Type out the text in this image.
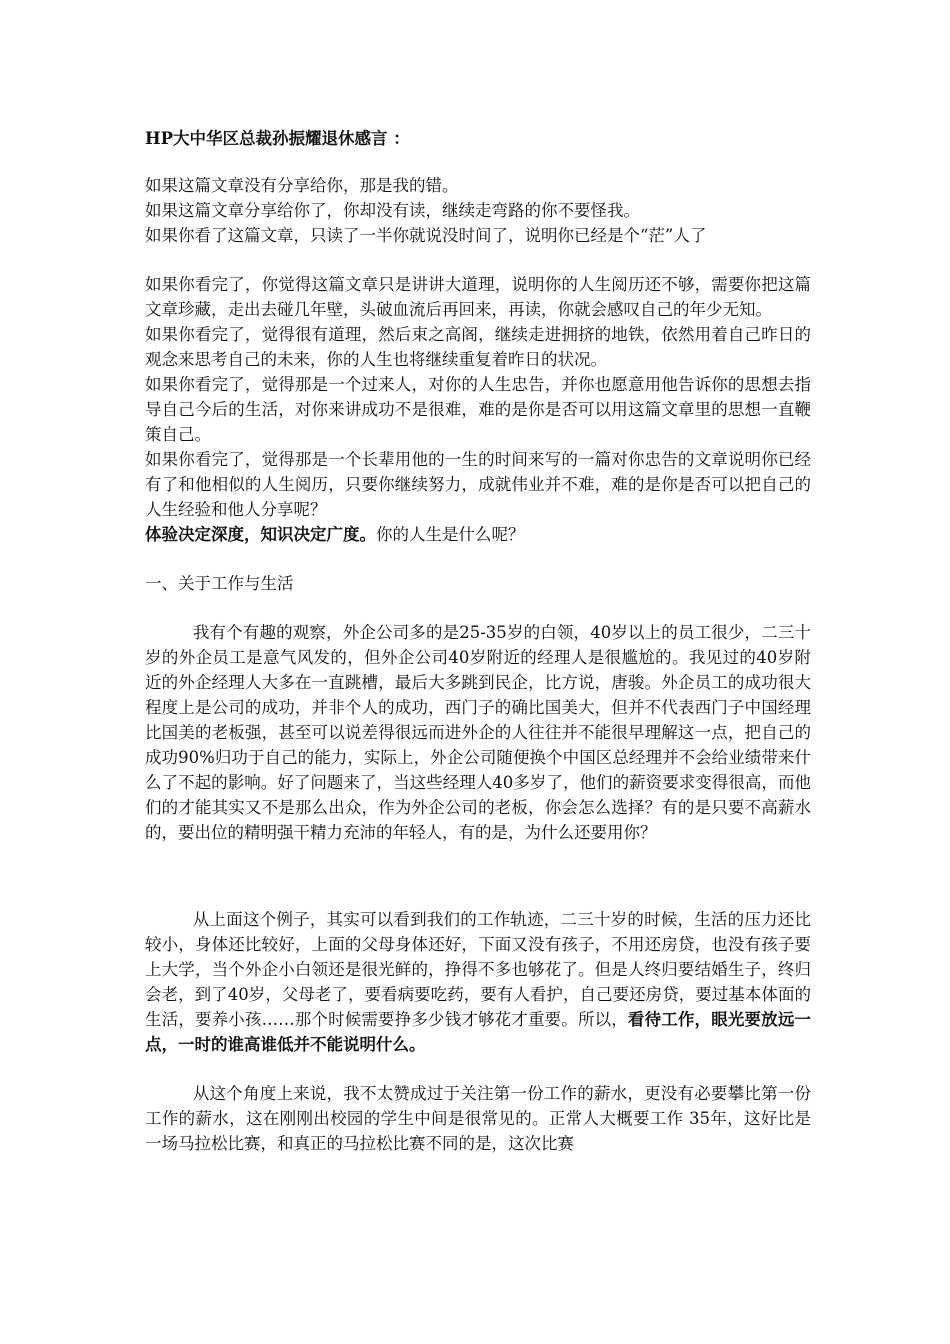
HP大中华区总裁孙振耀退休感言 ：

如果这篇文章没有分享给你，那是我的错。

如果这篇文章分享给你了，你却没有读，继续走弯路的你不要怪我。

如果你看了这篇文章，只读了一半你就说没时间了，说明你已经是个“茫”人了

如果你看完了，你觉得这篇文章只是讲讲大道理，说明你的人生阅历还不够，需要你把这篇文章珍藏，走出去碰几年壁，头破血流后再回来，再读，你就会感叹自己的年少无知。

如果你看完了，觉得很有道理，然后束之高阁，继续走进拥挤的地铁，依然用着自己昨日的观念来思考自己的未来，你的人生也将继续重复着昨日的状况。

如果你看完了，觉得那是一个过来人，对你的人生忠告，并你也愿意用他告诉你的思想去指导自己今后的生活，对你来讲成功不是很难，难的是你是否可以用这篇文章里的思想一直鞭策自己。

如果你看完了，觉得那是一个长辈用他的一生的时间来写的一篇对你忠告的文章说明你已经有了和他相似的人生阅历，只要你继续努力，成就伟业并不难，难的是你是否可以把自己的人生经验和他人分享呢？

体验决定深度，知识决定广度。你的人生是什么呢？

一、关于工作与生活

我有个有趣的观察，外企公司多的是25-35岁的白领，40岁以上的员工很少，二三十岁的外企员工是意气风发的，但外企公司40岁附近的经理人是很尴尬的。我见过的40岁附近的外企经理人大多在一直跳槽，最后大多跳到民企，比方说，唐骏。外企员工的成功很大程度上是公司的成功，并非个人的成功，西门子的确比国美大，但并不代表西门子中国经理比国美的老板强，甚至可以说差得很远而进外企的人往往并不能很早理解这一点，把自己的成功90%归功于自己的能力，实际上，外企公司随便换个中国区总经理并不会给业绩带来什么了不起的影响。好了问题来了，当这些经理人40多岁了，他们的薪资要求变得很高，而他们的才能其实又不是那么出众，作为外企公司的老板，你会怎么选择？有的是只要不高薪水的，要出位的精明强干精力充沛的年轻人，有的是，为什么还要用你？

从上面这个例子，其实可以看到我们的工作轨迹，二三十岁的时候，生活的压力还比较小，身体还比较好，上面的父母身体还好，下面又没有孩子，不用还房贷，也没有孩子要上大学，当个外企小白领还是很光鲜的，挣得不多也够花了。但是人终归要结婚生子，终归会老，到了40岁，父母老了，要看病要吃药，要有人看护，自己要还房贷，要过基本体面的生活，要养小孩……那个时候需要挣多少钱才够花才重要。所以，看待工作，眼光要放远一点，一时的谁高谁低并不能说明什么。

从这个角度上来说，我不太赞成过于关注第一份工作的薪水，更没有必要攀比第一份工作的薪水，这在刚刚出校园的学生中间是很常见的。正常人大概要工作 35年，这好比是一场马拉松比赛，和真正的马拉松比赛不同的是，这次比赛
